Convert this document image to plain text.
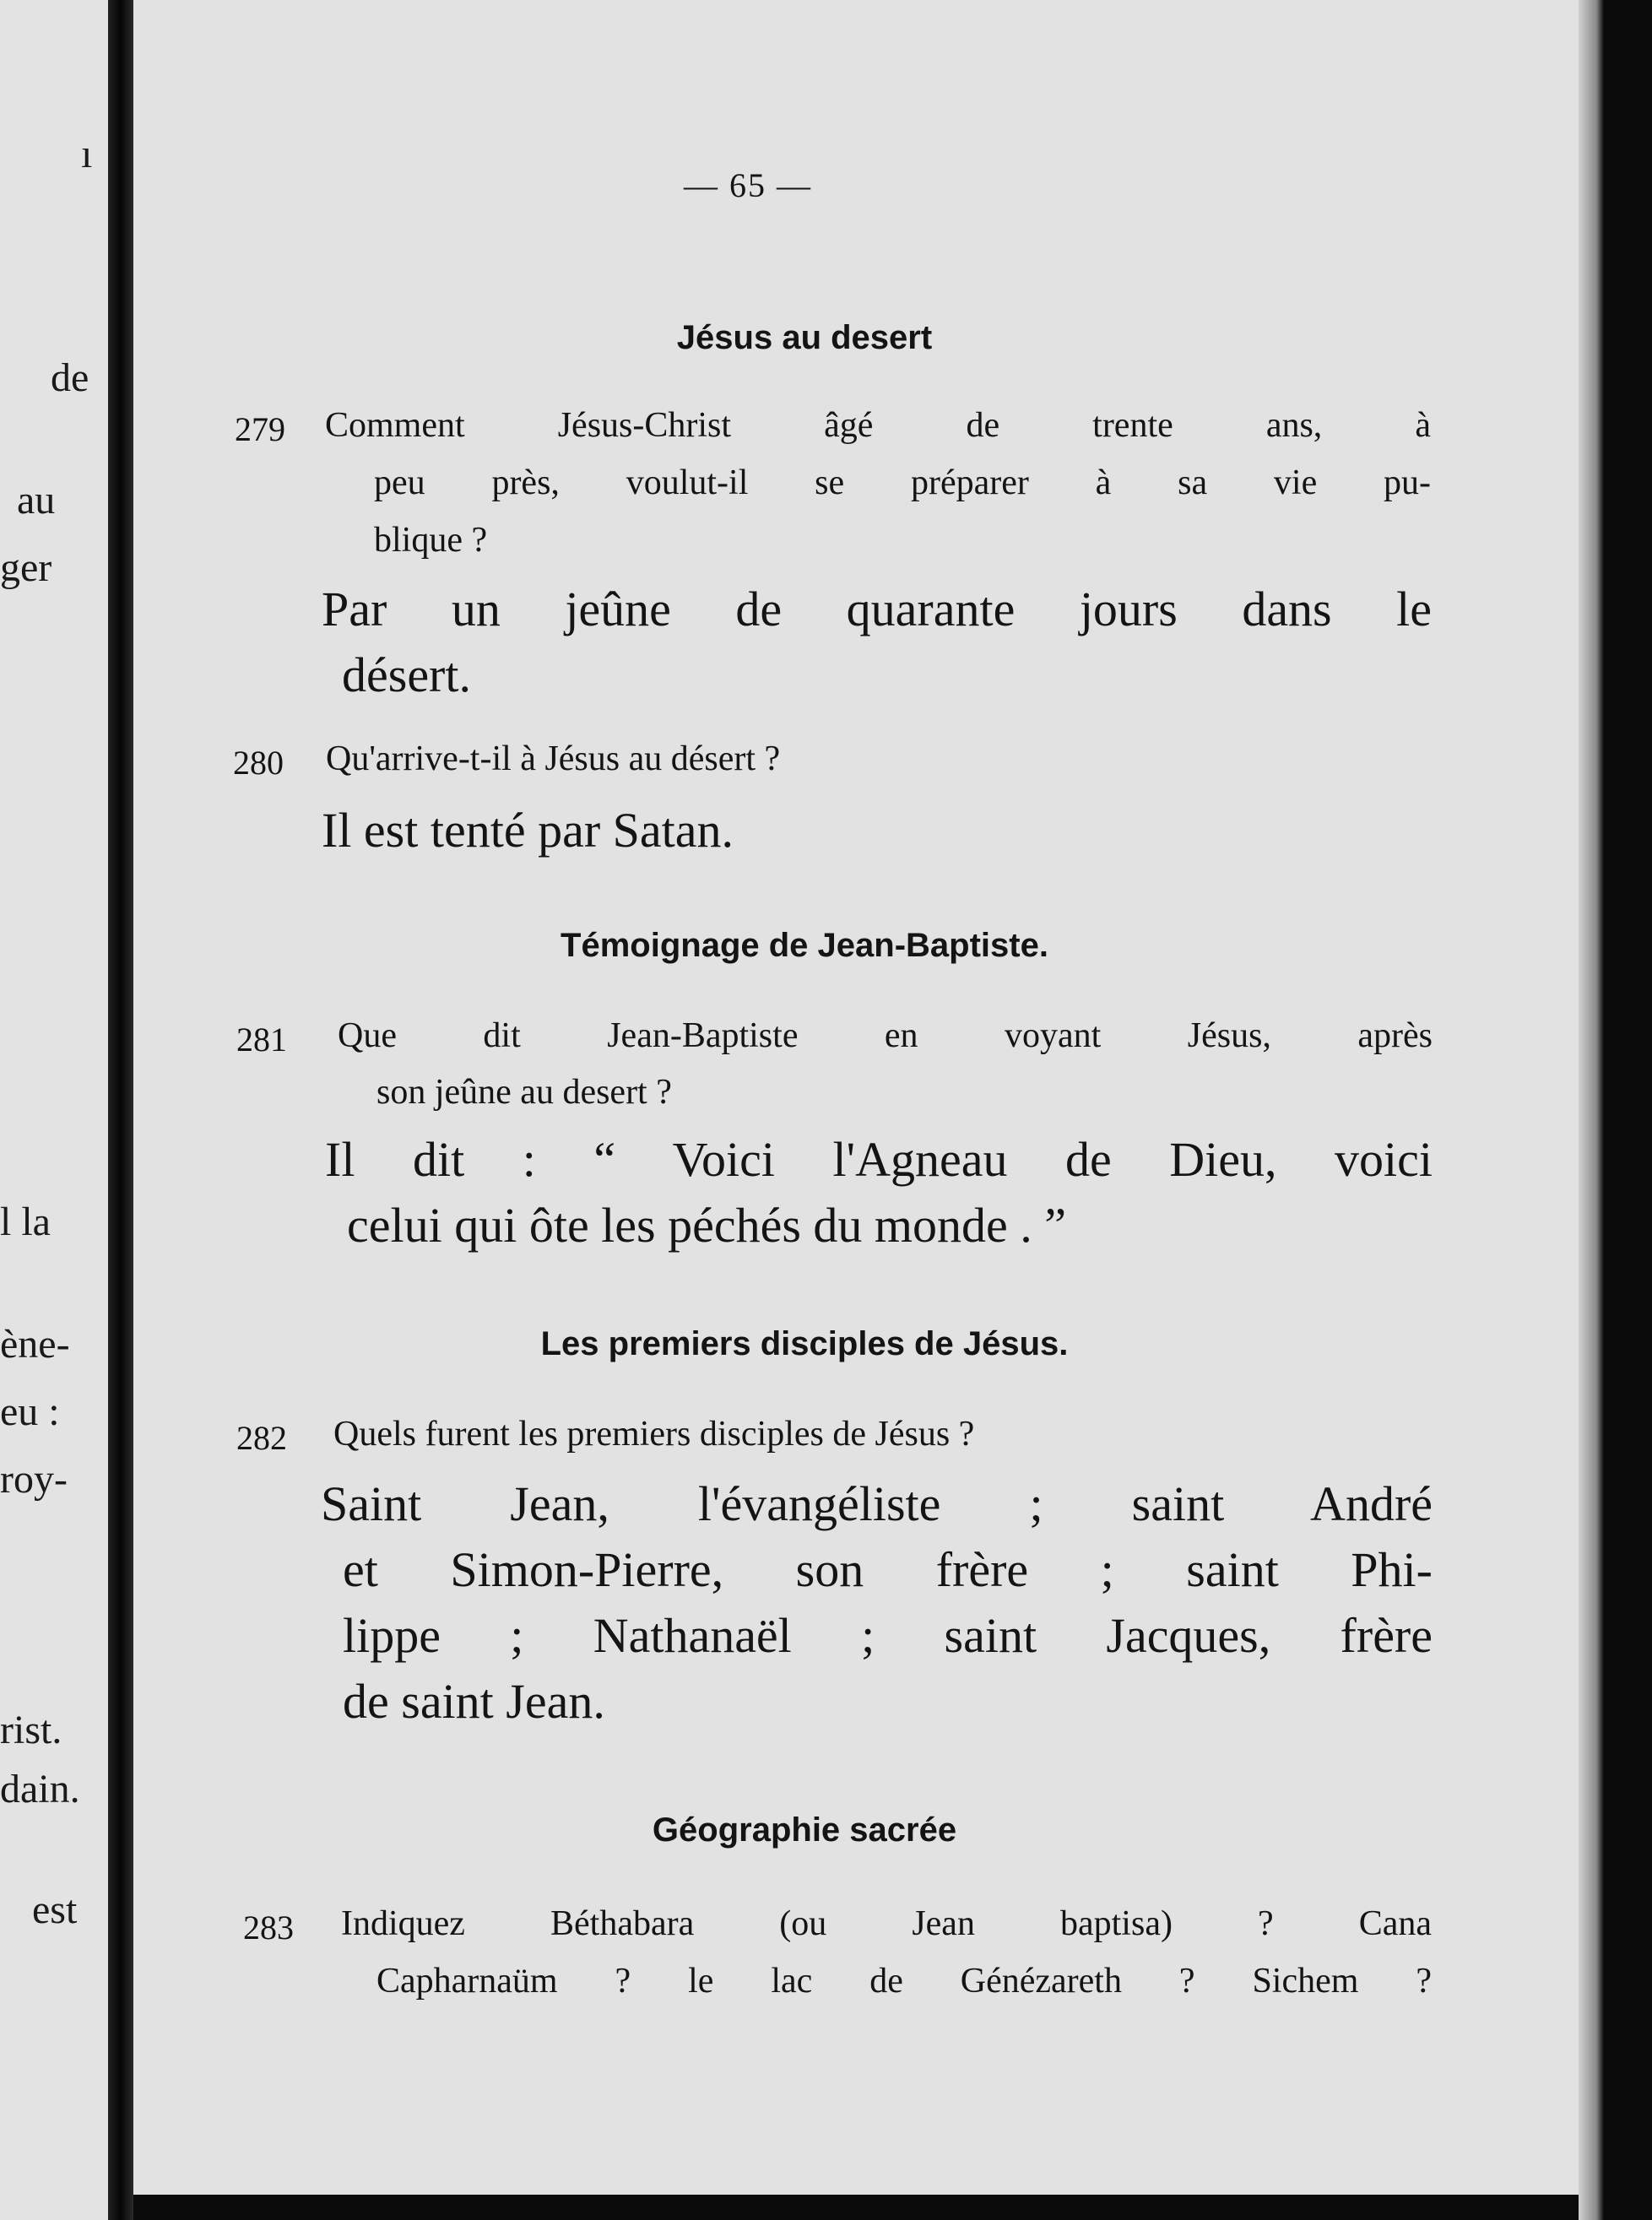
ı
de
au
ger
l la
ène-
eu :
roy-
rist.
dain.
est
— 65 —
Jésus au desert
279 Comment Jésus-Christ âgé de trente ans, à
peu près, voulut-il se préparer à sa vie pu-
blique ?
Par un jeûne de quarante jours dans le
désert.
280 Qu'arrive-t-il à Jésus au désert ?
Il est tenté par Satan.
Témoignage de Jean-Baptiste.
281 Que dit Jean-Baptiste en voyant Jésus, après
son jeûne au desert ?
Il dit : “ Voici l'Agneau de Dieu, voici
celui qui ôte les péchés du monde . ”
Les premiers disciples de Jésus.
282 Quels furent les premiers disciples de Jésus ?
Saint Jean, l'évangéliste ; saint André
et Simon-Pierre, son frère ; saint Phi-
lippe ; Nathanaël ; saint Jacques, frère
de saint Jean.
Géographie sacrée
283 Indiquez Béthabara (ou Jean baptisa) ? Cana
Capharnaüm ? le lac de Génézareth ? Sichem ?
